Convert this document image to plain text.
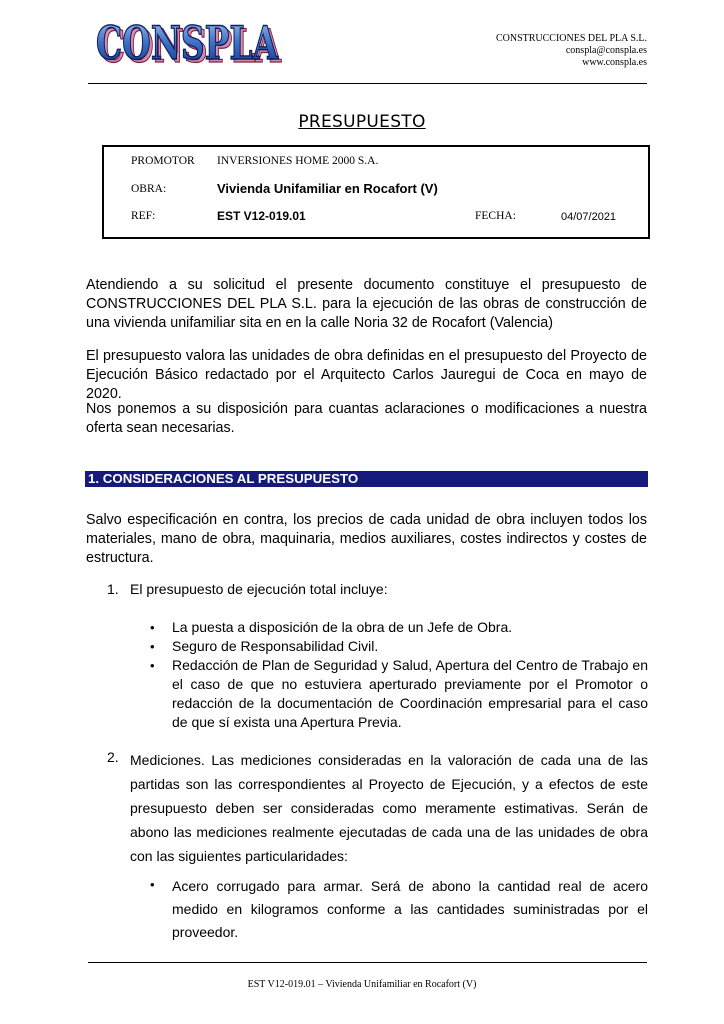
CONSPLA
CONSPLA	CONSTRUCCIONES DEL PLA S.L.
conspla@conspla.es
www.conspla.es
PRESUPUESTO
PROMOTOR INVERSIONES HOME 2000 S.A.
OBRA:	Vivienda Unifamiliar en Rocafort (V)
REF:	EST V12-019.01	FECHA:	04/07/2021

Atendiendo a su solicitud el presente documento constituye el presupuesto de CONSTRUCCIONES DEL PLA S.L. para la ejecución de las obras de construcción de una vivienda unifamiliar sita en en la calle Noria 32 de Rocafort (Valencia)

El presupuesto valora las unidades de obra definidas en el presupuesto del Proyecto de Ejecución Básico redactado por el Arquitecto Carlos Jauregui de Coca en mayo de 2020.

Nos ponemos a su disposición para cuantas aclaraciones o modificaciones a nuestra oferta sean necesarias.

1. CONSIDERACIONES AL PRESUPUESTO

Salvo especificación en contra, los precios de cada unidad de obra incluyen todos los materiales, mano de obra, maquinaria, medios auxiliares, costes indirectos y costes de estructura.

1. El presupuesto de ejecución total incluye:

• La puesta a disposición de la obra de un Jefe de Obra.

• Seguro de Responsabilidad Civil.

• Redacción de Plan de Seguridad y Salud, Apertura del Centro de Trabajo en el caso de que no estuviera aperturado previamente por el Promotor o redacción de la documentación de Coordinación empresarial para el caso de que sí exista una Apertura Previa.

2. Mediciones. Las mediciones consideradas en la valoración de cada una de las partidas son las correspondientes al Proyecto de Ejecución, y a efectos de este presupuesto deben ser consideradas como meramente estimativas. Serán de abono las mediciones realmente ejecutadas de cada una de las unidades de obra con las siguientes particularidades:

• Acero corrugado para armar. Será de abono la cantidad real de acero medido en kilogramos conforme a las cantidades suministradas por el proveedor.

EST V12-019.01 – Vivienda Unifamiliar en Rocafort (V)
